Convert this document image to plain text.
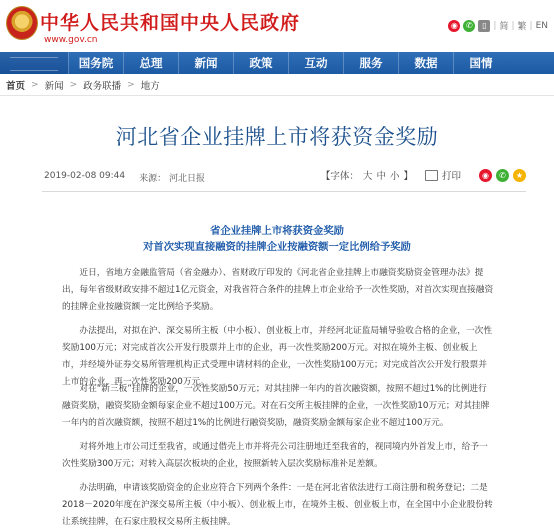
中华人民共和国中央人民政府
www.gov.cn
◉	✆	▯ | 简 | 繁 | EN
国务院	总理	新闻	政策	互动	服务	数据	国情
首页 > 新闻 > 政务联播 > 地方
河北省企业挂牌上市将获资金奖励
2019-02-08 09:44 来源： 河北日报	【字体： 大 中 小 】	打印	◉	✆	★
省企业挂牌上市将获资金奖励
对首次实现直接融资的挂牌企业按融资额一定比例给予奖励
近日，省地方金融监管局（省金融办）、省财政厅印发的《河北省企业挂牌上市融资奖励资金管理办法》提出，每年省级财政安排不超过1亿元资金，对我省符合条件的挂牌上市企业给予一次性奖励，对首次实现直接融资的挂牌企业按融资额一定比例给予奖励。
办法提出，对拟在沪、深交易所主板（中小板）、创业板上市，并经河北证监局辅导验收合格的企业，一次性奖励100万元；对完成首次公开发行股票并上市的企业，再一次性奖励200万元。对拟在境外主板、创业板上市，并经境外证券交易所管理机构正式受理申请材料的企业，一次性奖励100万元；对完成首次公开发行股票并上市的企业，再一次性奖励200万元。
对在“新三板”挂牌的企业，一次性奖励50万元；对其挂牌一年内的首次融资额，按照不超过1%的比例进行融资奖励，融资奖励金额每家企业不超过100万元。对在石交所主板挂牌的企业，一次性奖励10万元；对其挂牌一年内的首次融资额，按照不超过1%的比例进行融资奖励，融资奖励金额每家企业不超过100万元。
对将外地上市公司迁至我省，或通过借壳上市并将壳公司注册地迁至我省的，视同境内外首发上市，给予一次性奖励300万元；对转入高层次板块的企业，按照新转入层次奖励标准补足差额。
办法明确，申请该奖励资金的企业应符合下列两个条件：一是在河北省依法进行工商注册和税务登记；二是2018－2020年度在沪深交易所主板（中小板）、创业板上市，在境外主板、创业板上市，在全国中小企业股份转让系统挂牌，在石家庄股权交易所主板挂牌。
